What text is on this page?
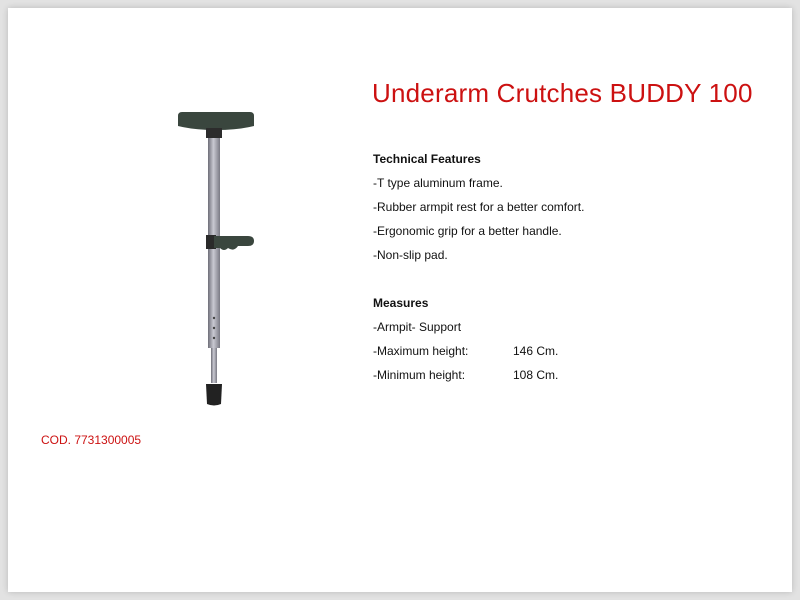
Underarm Crutches BUDDY 100
Technical Features
-T type aluminum frame.
-Rubber armpit rest for a better comfort.
-Ergonomic grip for a better handle.
-Non-slip pad.
Measures
-Armpit- Support
-Maximum height:	146 Cm.
-Minimum height:	108 Cm.
COD. 7731300005
